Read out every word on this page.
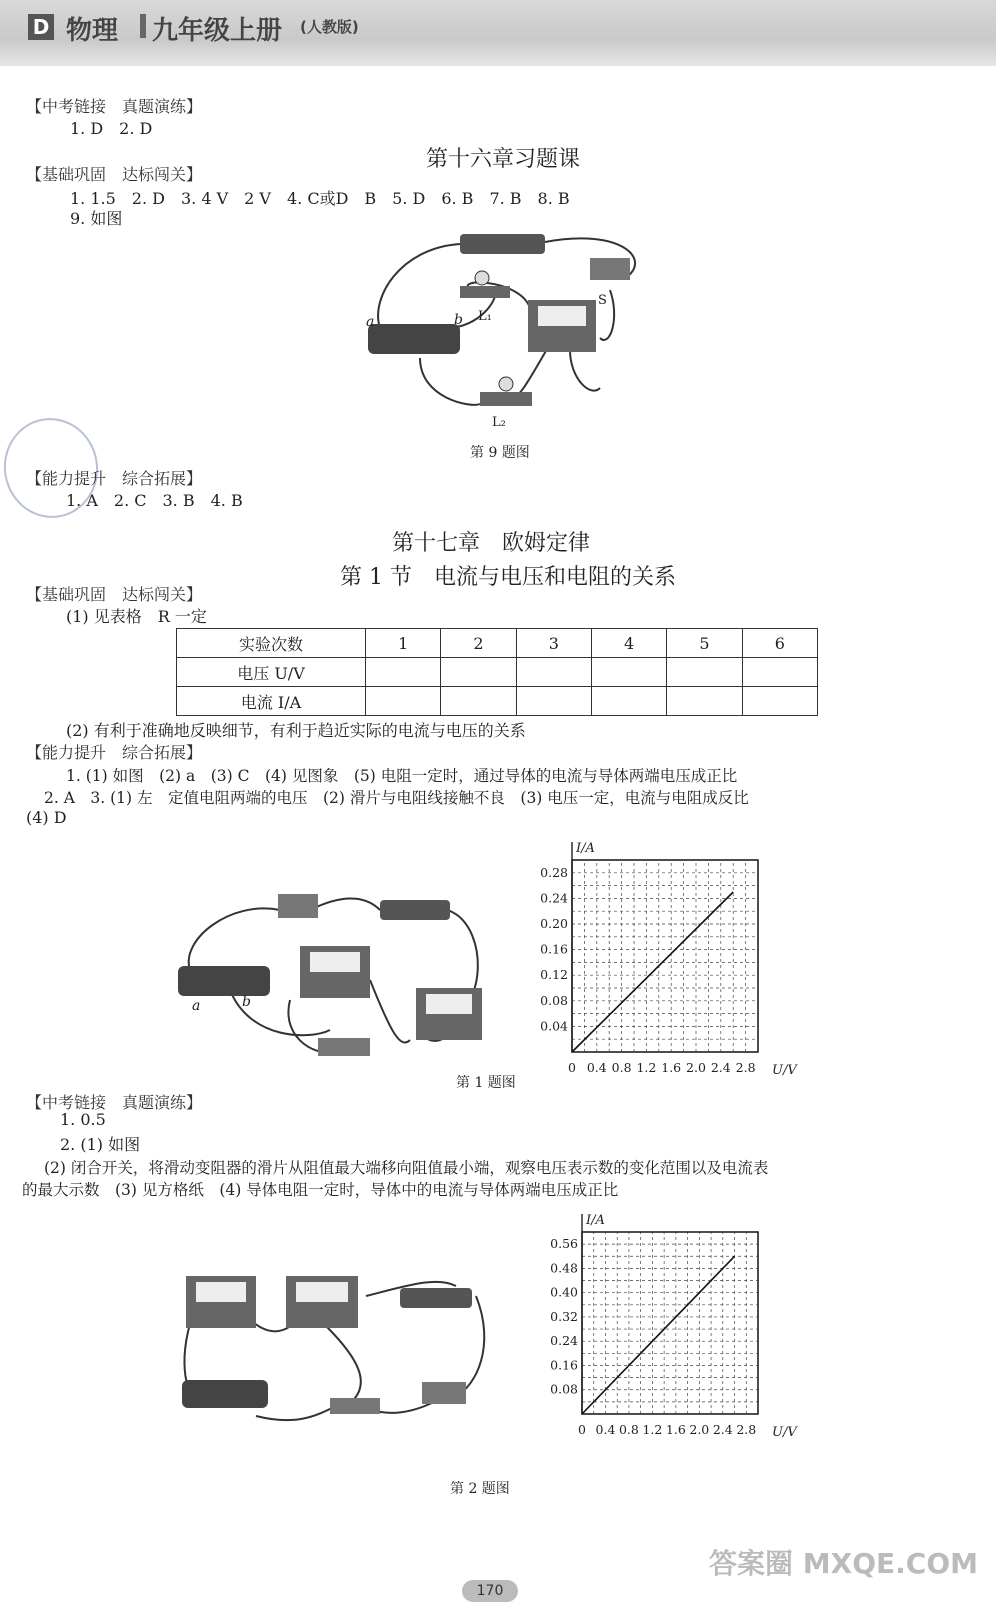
D 物理 九年级上册 (人教版)
【中考链接　真题演练】
1. D　2. D
第十六章习题课
【基础巩固　达标闯关】
1. 1.5　2. D　3. 4 V　2 V　4. C或D　B　5. D　6. B　7. B　8. B
9. 如图
a	b
S
L₁
L₂
第 9 题图
【能力提升　综合拓展】
1. A　2. C　3. B　4. B
第十七章　欧姆定律
第 1 节　电流与电压和电阻的关系
【基础巩固　达标闯关】
(1) 见表格　R 一定
实验次数	1	2	3	4	5	6
电压 U/V						
电流 I/A						
(2) 有利于准确地反映细节，有利于趋近实际的电流与电压的关系
【能力提升　综合拓展】
1. (1) 如图　(2) a　(3) C　(4) 见图象　(5) 电阻一定时，通过导体的电流与导体两端电压成正比
2. A　3. (1) 左　定值电阻两端的电压　(2) 滑片与电阻线接触不良　(3) 电压一定，电流与电阻成反比
(4) D
a	b
I/A
U/V
0 0.4 0.8 1.2 1.6 2.0 2.4 2.8
0.04
0.08
0.12
0.16
0.20
0.24
0.28
第 1 题图
【中考链接　真题演练】
1. 0.5
2. (1) 如图
(2) 闭合开关，将滑动变阻器的滑片从阻值最大端移向阻值最小端，观察电压表示数的变化范围以及电流表
的最大示数　(3) 见方格纸　(4) 导体电阻一定时，导体中的电流与导体两端电压成正比
I/A
U/V
0 0.4 0.8 1.2 1.6 2.0 2.4 2.8
0.08
0.16
0.24
0.32
0.40
0.48
0.56
第 2 题图
170
答案圈 MXQE.COM
